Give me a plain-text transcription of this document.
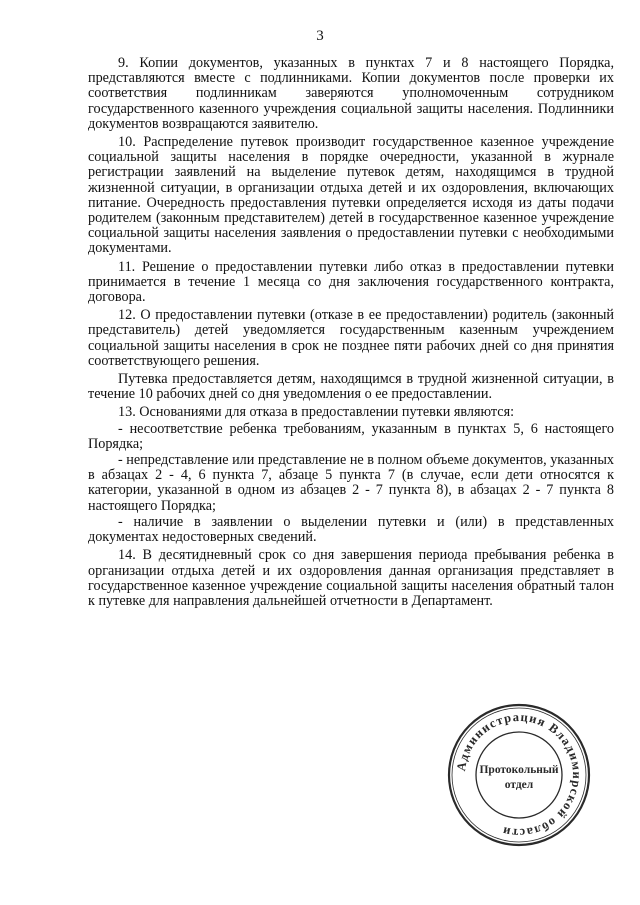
3

9. Копии документов, указанных в пунктах 7 и 8 настоящего Порядка, представляются вместе с подлинниками. Копии документов после проверки их соответствия подлинникам заверяются уполномоченным сотрудником государственного казенного учреждения социальной защиты населения. Подлинники документов возвращаются заявителю.

10. Распределение путевок производит государственное казенное учреждение социальной защиты населения в порядке очередности, указанной в журнале регистрации заявлений на выделение путевок детям, находящимся в трудной жизненной ситуации, в организации отдыха детей и их оздоровления, включающих питание. Очередность предоставления путевки определяется исходя из даты подачи родителем (законным представителем) детей в государственное казенное учреждение социальной защиты населения заявления о предоставлении путевки с необходимыми документами.

11. Решение о предоставлении путевки либо отказ в предоставлении путевки принимается в течение 1 месяца со дня заключения государственного контракта, договора.

12. О предоставлении путевки (отказе в ее предоставлении) родитель (законный представитель) детей уведомляется государственным казенным учреждением социальной защиты населения в срок не позднее пяти рабочих дней со дня принятия соответствующего решения.

Путевка предоставляется детям, находящимся в трудной жизненной ситуации, в течение 10 рабочих дней со дня уведомления о ее предоставлении.

13. Основаниями для отказа в предоставлении путевки являются:

- несоответствие ребенка требованиям, указанным в пунктах 5, 6 настоящего Порядка;

- непредставление или представление не в полном объеме документов, указанных в абзацах 2 - 4, 6 пункта 7, абзаце 5 пункта 7 (в случае, если дети относятся к категории, указанной в одном из абзацев 2 - 7 пункта 8), в абзацах 2 - 7 пункта 8 настоящего Порядка;

- наличие в заявлении о выделении путевки и (или) в представленных документах недостоверных сведений.

14. В десятидневный срок со дня завершения периода пребывания ребенка в организации отдыха детей и их оздоровления данная организация представляет в государственное казенное учреждение социальной защиты населения обратный талон к путевке для направления дальнейшей отчетности в Департамент.

Администрация Владимирской области
Протокольный
отдел
